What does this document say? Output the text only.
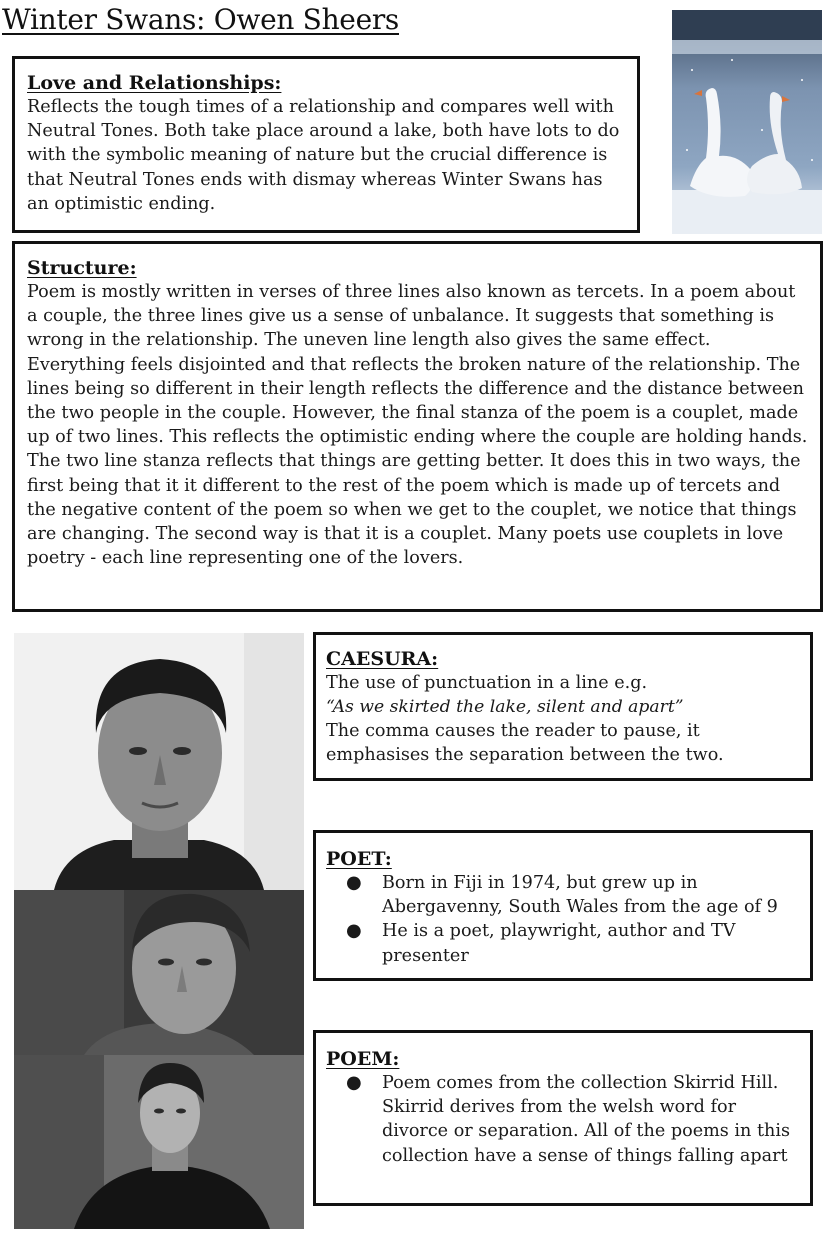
Winter Swans: Owen Sheers
Love and Relationships:
Reflects the tough times of a relationship and compares well with Neutral Tones. Both take place around a lake, both have lots to do with the symbolic meaning of nature but the crucial difference is that Neutral Tones ends with dismay whereas Winter Swans has an optimistic ending.
Structure:
Poem is mostly written in verses of three lines also known as tercets. In a poem about a couple, the three lines give us a sense of unbalance. It suggests that something is wrong in the relationship. The uneven line length also gives the same effect. Everything feels disjointed and that reflects the broken nature of the relationship. The lines being so different in their length reflects the difference and the distance between the two people in the couple. However, the final stanza of the poem is a couplet, made up of two lines. This reflects the optimistic ending where the couple are holding hands. The two line stanza reflects that things are getting better. It does this in two ways, the first being that it it different to the rest of the poem which is made up of tercets and the negative content of the poem so when we get to the couplet, we notice that things are changing. The second way is that it is a couplet. Many poets use couplets in love poetry - each line representing one of the lovers.
CAESURA:
The use of punctuation in a line e.g.
“As we skirted the lake, silent and apart”
The comma causes the reader to pause, it emphasises the separation between the two.
POET:
● Born in Fiji in 1974, but grew up in Abergavenny, South Wales from the age of 9
● He is a poet, playwright, author and TV presenter
POEM:
● Poem comes from the collection Skirrid Hill. Skirrid derives from the welsh word for divorce or separation. All of the poems in this collection have a sense of things falling apart
